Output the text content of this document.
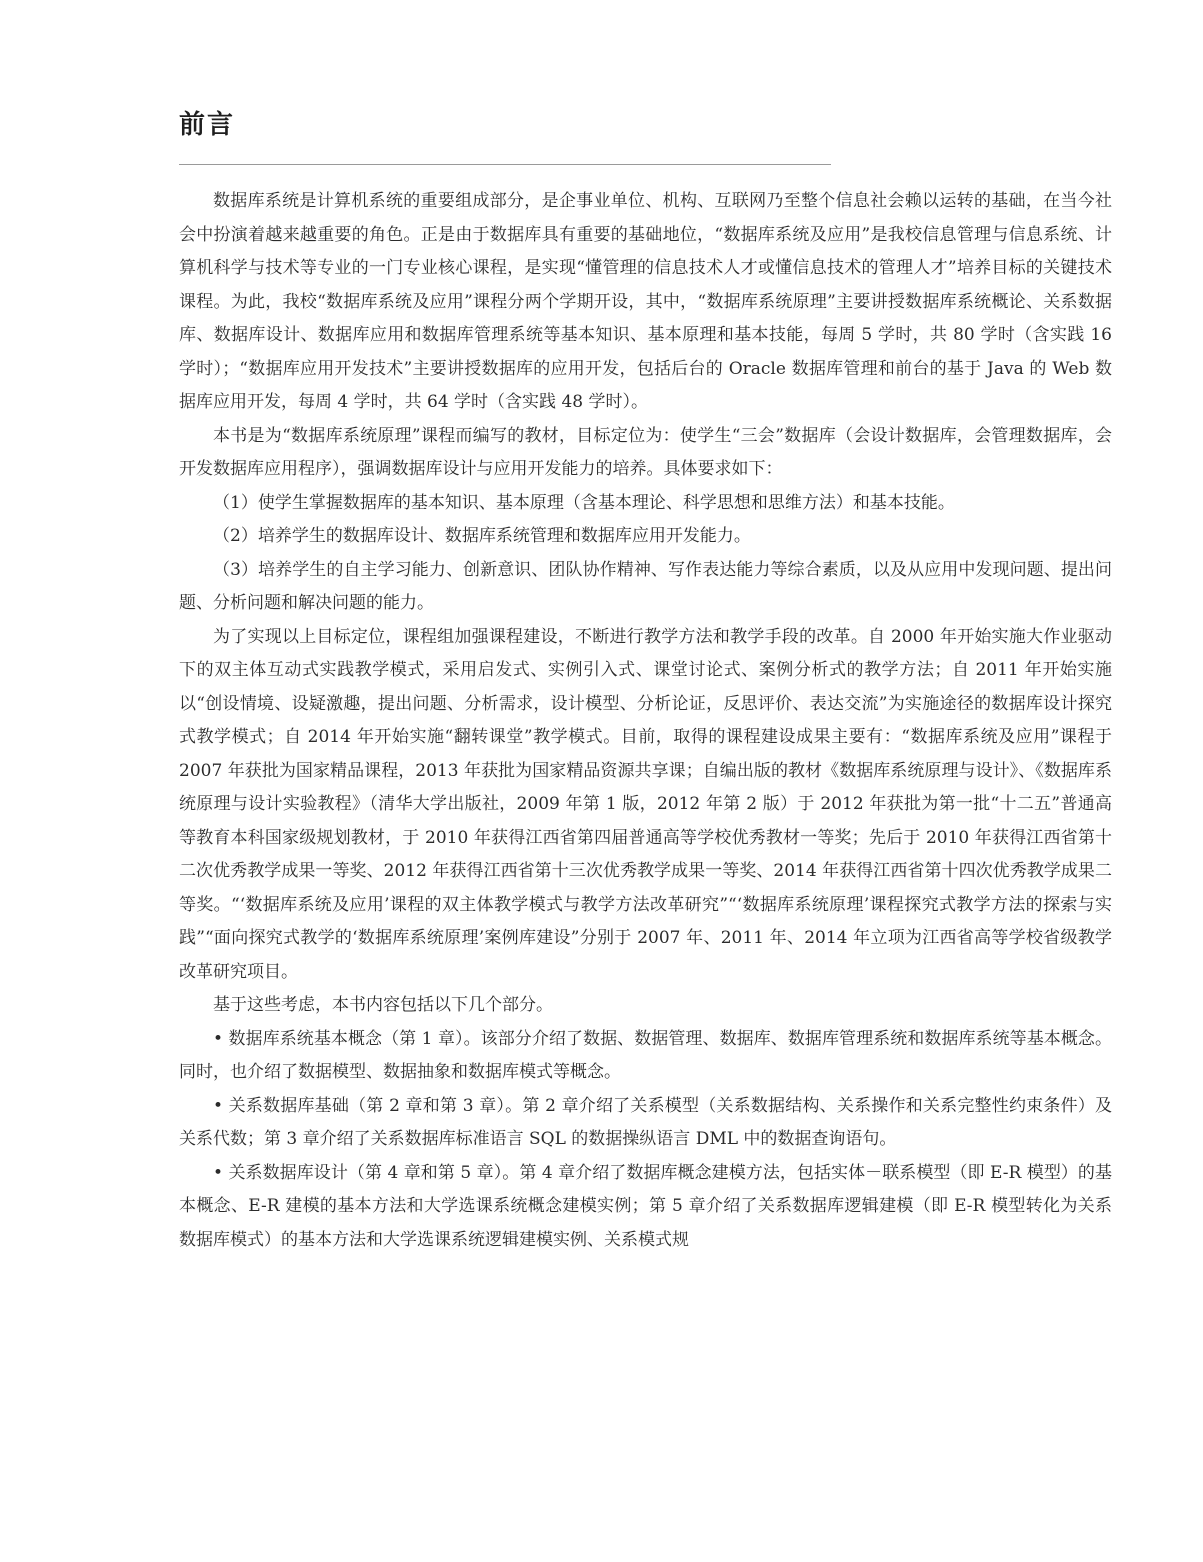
前言

数据库系统是计算机系统的重要组成部分，是企事业单位、机构、互联网乃至整个信息社会赖以运转的基础，在当今社会中扮演着越来越重要的角色。正是由于数据库具有重要的基础地位，“数据库系统及应用”是我校信息管理与信息系统、计算机科学与技术等专业的一门专业核心课程，是实现“懂管理的信息技术人才或懂信息技术的管理人才”培养目标的关键技术课程。为此，我校“数据库系统及应用”课程分两个学期开设，其中，“数据库系统原理”主要讲授数据库系统概论、关系数据库、数据库设计、数据库应用和数据库管理系统等基本知识、基本原理和基本技能，每周 5 学时，共 80 学时（含实践 16 学时）；“数据库应用开发技术”主要讲授数据库的应用开发，包括后台的 Oracle 数据库管理和前台的基于 Java 的 Web 数据库应用开发，每周 4 学时，共 64 学时（含实践 48 学时）。

本书是为“数据库系统原理”课程而编写的教材，目标定位为：使学生“三会”数据库（会设计数据库，会管理数据库，会开发数据库应用程序），强调数据库设计与应用开发能力的培养。具体要求如下：

（1）使学生掌握数据库的基本知识、基本原理（含基本理论、科学思想和思维方法）和基本技能。

（2）培养学生的数据库设计、数据库系统管理和数据库应用开发能力。

（3）培养学生的自主学习能力、创新意识、团队协作精神、写作表达能力等综合素质，以及从应用中发现问题、提出问题、分析问题和解决问题的能力。

为了实现以上目标定位，课程组加强课程建设，不断进行教学方法和教学手段的改革。自 2000 年开始实施大作业驱动下的双主体互动式实践教学模式，采用启发式、实例引入式、课堂讨论式、案例分析式的教学方法；自 2011 年开始实施以“创设情境、设疑激趣，提出问题、分析需求，设计模型、分析论证，反思评价、表达交流”为实施途径的数据库设计探究式教学模式；自 2014 年开始实施“翻转课堂”教学模式。目前，取得的课程建设成果主要有：“数据库系统及应用”课程于 2007 年获批为国家精品课程，2013 年获批为国家精品资源共享课；自编出版的教材《数据库系统原理与设计》、《数据库系统原理与设计实验教程》（清华大学出版社，2009 年第 1 版，2012 年第 2 版）于 2012 年获批为第一批“十二五”普通高等教育本科国家级规划教材，于 2010 年获得江西省第四届普通高等学校优秀教材一等奖；先后于 2010 年获得江西省第十二次优秀教学成果一等奖、2012 年获得江西省第十三次优秀教学成果一等奖、2014 年获得江西省第十四次优秀教学成果二等奖。“‘数据库系统及应用’课程的双主体教学模式与教学方法改革研究”“‘数据库系统原理’课程探究式教学方法的探索与实践”“面向探究式教学的‘数据库系统原理’案例库建设”分别于 2007 年、2011 年、2014 年立项为江西省高等学校省级教学改革研究项目。

基于这些考虑，本书内容包括以下几个部分。

• 数据库系统基本概念（第 1 章）。该部分介绍了数据、数据管理、数据库、数据库管理系统和数据库系统等基本概念。同时，也介绍了数据模型、数据抽象和数据库模式等概念。

• 关系数据库基础（第 2 章和第 3 章）。第 2 章介绍了关系模型（关系数据结构、关系操作和关系完整性约束条件）及关系代数；第 3 章介绍了关系数据库标准语言 SQL 的数据操纵语言 DML 中的数据查询语句。

• 关系数据库设计（第 4 章和第 5 章）。第 4 章介绍了数据库概念建模方法，包括实体－联系模型（即 E-R 模型）的基本概念、E-R 建模的基本方法和大学选课系统概念建模实例；第 5 章介绍了关系数据库逻辑建模（即 E-R 模型转化为关系数据库模式）的基本方法和大学选课系统逻辑建模实例、关系模式规
